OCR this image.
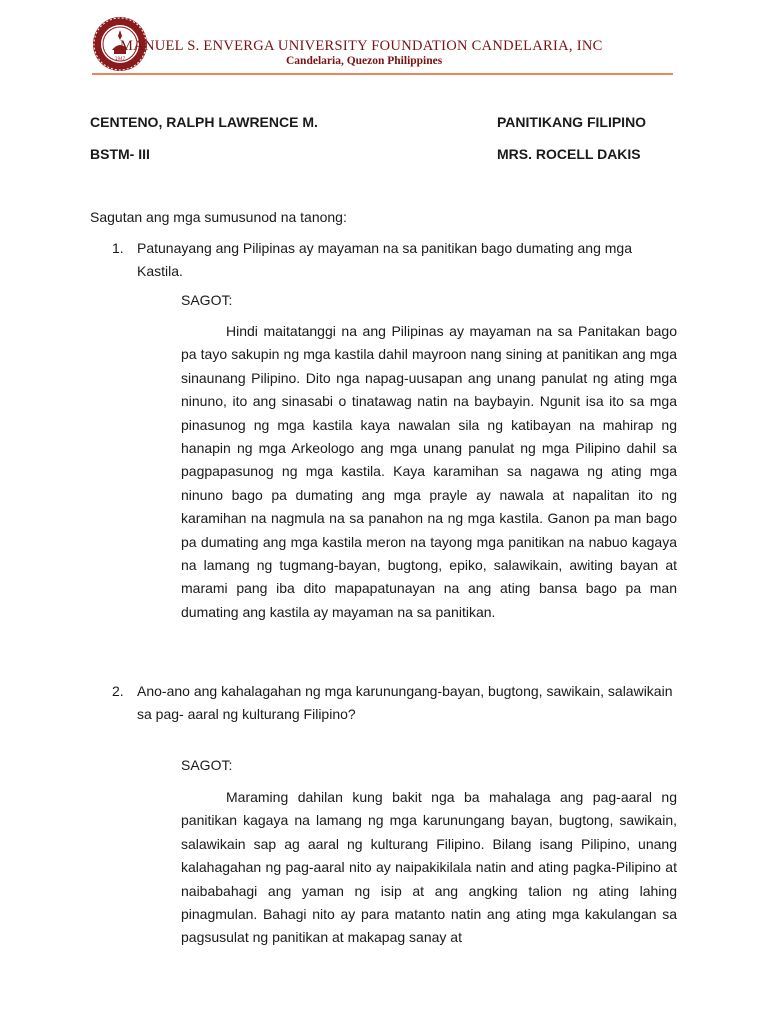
1947
MANUEL S. ENVERGA UNIVERSITY FOUNDATION CANDELARIA, INC
Candelaria, Quezon Philippines
CENTENO, RALPH LAWRENCE M.	PANITIKANG FILIPINO
BSTM- III	MRS. ROCELL DAKIS
Sagutan ang mga sumusunod na tanong:
1. Patunayang ang Pilipinas ay mayaman na sa panitikan bago dumating ang mga Kastila.
SAGOT:
Hindi maitatanggi na ang Pilipinas ay mayaman na sa Panitakan bago pa tayo sakupin ng mga kastila dahil mayroon nang sining at panitikan ang mga sinaunang Pilipino. Dito nga napag-uusapan ang unang panulat ng ating mga ninuno, ito ang sinasabi o tinatawag natin na baybayin. Ngunit isa ito sa mga pinasunog ng mga kastila kaya nawalan sila ng katibayan na mahirap ng hanapin ng mga Arkeologo ang mga unang panulat ng mga Pilipino dahil sa pagpapasunog ng mga kastila. Kaya karamihan sa nagawa ng ating mga ninuno bago pa dumating ang mga prayle ay nawala at napalitan ito ng karamihan na nagmula na sa panahon na ng mga kastila. Ganon pa man bago pa dumating ang mga kastila meron na tayong mga panitikan na nabuo kagaya na lamang ng tugmang-bayan, bugtong, epiko, salawikain, awiting bayan at marami pang iba dito mapapatunayan na ang ating bansa bago pa man dumating ang kastila ay mayaman na sa panitikan.
2. Ano-ano ang kahalagahan ng mga karunungang-bayan, bugtong, sawikain, salawikain sa pag- aaral ng kulturang Filipino?
SAGOT:
Maraming dahilan kung bakit nga ba mahalaga ang pag-aaral ng panitikan kagaya na lamang ng mga karunungang bayan, bugtong, sawikain, salawikain sap ag aaral ng kulturang Filipino. Bilang isang Pilipino, unang kalahagahan ng pag-aaral nito ay naipakikilala natin and ating pagka-Pilipino at naibabahagi ang yaman ng isip at ang angking talion ng ating lahing pinagmulan. Bahagi nito ay para matanto natin ang ating mga kakulangan sa pagsusulat ng panitikan at makapag sanay at
